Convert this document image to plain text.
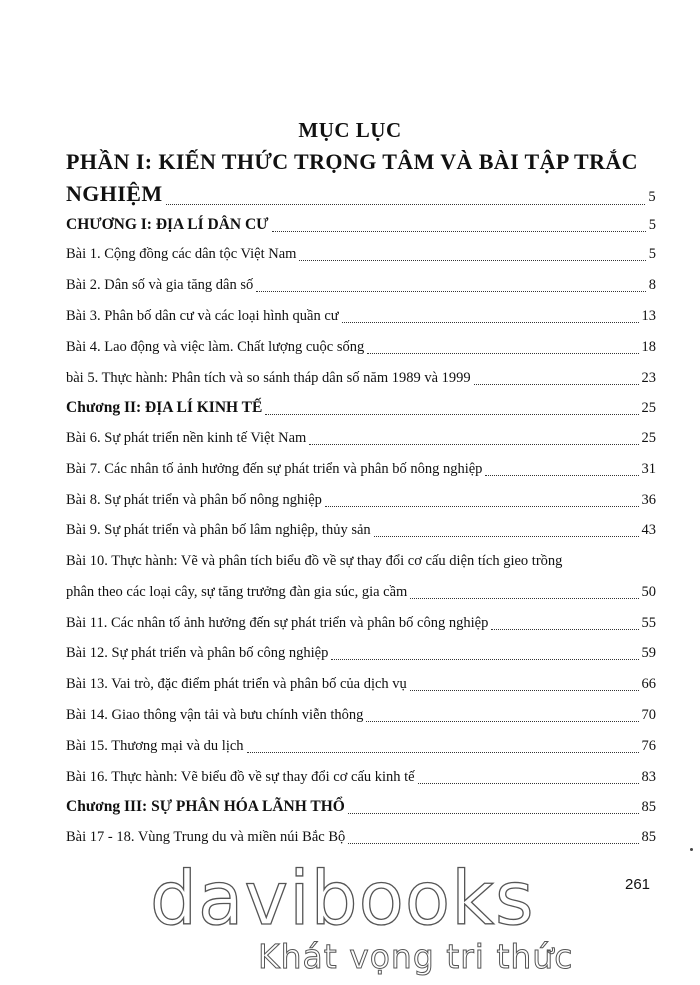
MỤC LỤC
PHẦN I: KIẾN THỨC TRỌNG TÂM VÀ BÀI TẬP TRẮC
NGHIỆM	5
CHƯƠNG I: ĐỊA LÍ DÂN CƯ	5
Bài 1. Cộng đồng các dân tộc Việt Nam	5
Bài 2. Dân số và gia tăng dân số	8
Bài 3. Phân bố dân cư và các loại hình quần cư	13
Bài 4. Lao động và việc làm. Chất lượng cuộc sống	18
bài 5. Thực hành: Phân tích và so sánh tháp dân số năm 1989 và 1999	23
Chương II: ĐỊA LÍ KINH TẾ	25
Bài 6. Sự phát triển nền kinh tế Việt Nam	25
Bài 7. Các nhân tố ảnh hưởng đến sự phát triển và phân bố nông nghiệp	31
Bài 8. Sự phát triển và phân bố nông nghiệp	36
Bài 9. Sự phát triển và phân bố lâm nghiệp, thủy sản	43
Bài 10. Thực hành: Vẽ và phân tích biểu đồ về sự thay đổi cơ cấu diện tích gieo trồng
phân theo các loại cây, sự tăng trưởng đàn gia súc, gia cầm	50
Bài 11. Các nhân tố ảnh hưởng đến sự phát triển và phân bố công nghiệp	55
Bài 12. Sự phát triển và phân bố công nghiệp	59
Bài 13. Vai trò, đặc điểm phát triển và phân bố của dịch vụ	66
Bài 14. Giao thông vận tải và bưu chính viễn thông	70
Bài 15. Thương mại và du lịch	76
Bài 16. Thực hành: Vẽ biểu đồ về sự thay đổi cơ cấu kinh tế	83
Chương III: SỰ PHÂN HÓA LÃNH THỔ	85
Bài 17 - 18. Vùng Trung du và miền núi Bắc Bộ	85
261
davibooks
Khát vọng tri thức
